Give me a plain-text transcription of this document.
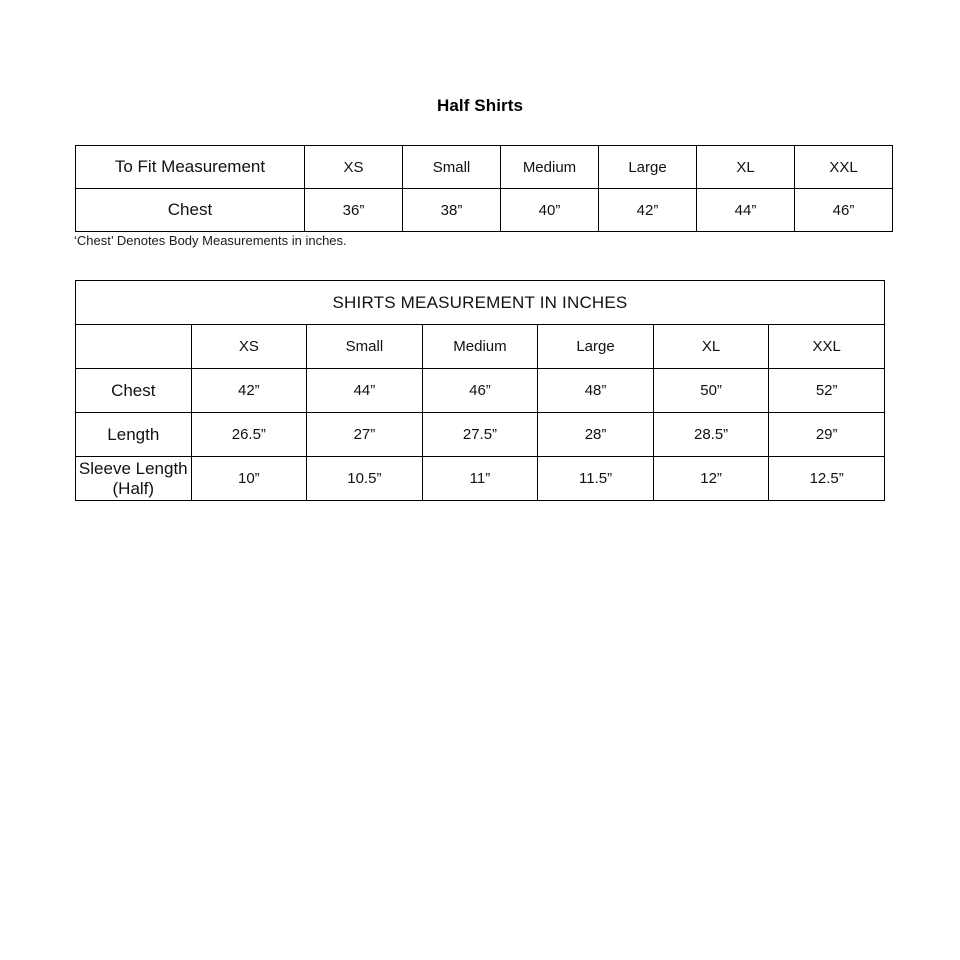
Half Shirts
To Fit Measurement	XS	Small	Medium	Large	XL	XXL
Chest	36”	38”	40”	42”	44”	46”
‘Chest’ Denotes Body Measurements in inches.
SHIRTS MEASUREMENT IN INCHES						
	XS	Small	Medium	Large	XL	XXL
Chest	42”	44”	46”	48”	50”	52”
Length	26.5”	27”	27.5”	28”	28.5”	29”
Sleeve Length (Half)	10”	10.5”	11”	11.5”	12”	12.5”
